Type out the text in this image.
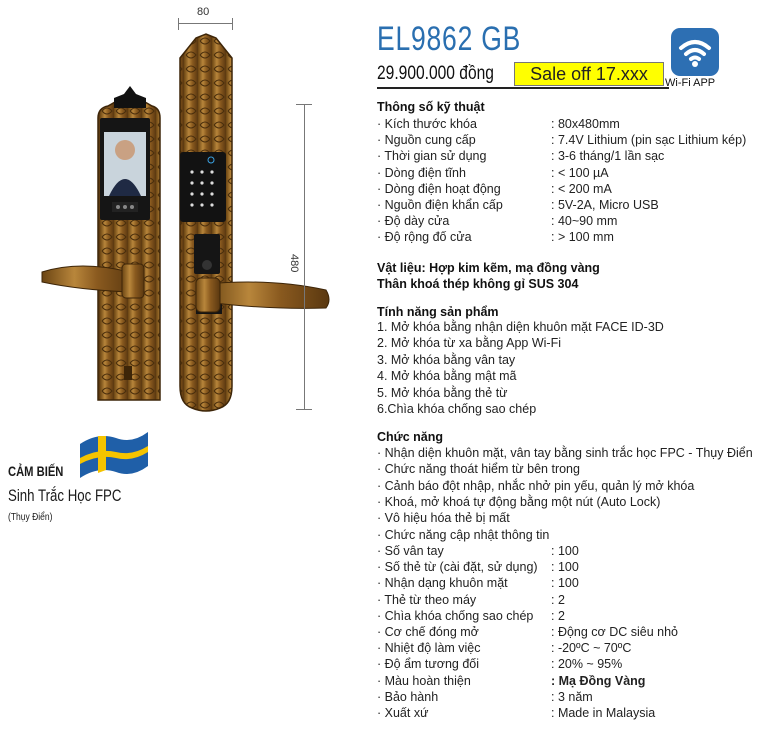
80
480
CẢM BIẾN
Sinh Trắc Học FPC
(Thụy Điển)
EL9862 GB
29.900.000 đồng	Sale off 17.xxx	Wi-Fi APP
Thông số kỹ thuật
· Kích thước khóa	: 80x480mm
· Nguồn cung cấp	: 7.4V Lithium (pin sạc Lithium kép)
· Thời gian sử dụng	: 3-6 tháng/1 lần sạc
· Dòng điện tĩnh	: < 100 µA
· Dòng điện hoạt động	: < 200 mA
· Nguồn điện khẩn cấp	: 5V-2A, Micro USB
· Độ dày cửa	: 40~90 mm
· Độ rộng đố cửa	: > 100 mm
Vật liệu: Hợp kim kẽm, mạ đồng vàng
Thân khoá thép không gỉ SUS 304
Tính năng sản phẩm
1. Mở khóa bằng nhận diện khuôn mặt FACE ID-3D
2. Mở khóa từ xa bằng App Wi-Fi
3. Mở khóa bằng vân tay
4. Mở khóa bằng mật mã
5. Mở khóa bằng thẻ từ
6.Chìa khóa chống sao chép
Chức năng
· Nhận diện khuôn mặt, vân tay bằng sinh trắc học FPC - Thụy Điển
· Chức năng thoát hiểm từ bên trong
· Cảnh báo đột nhập, nhắc nhở pin yếu, quản lý mở khóa
· Khoá, mở khoá tự động bằng một nút (Auto Lock)
· Vô hiệu hóa thẻ bị mất
· Chức năng cập nhật thông tin
· Số vân tay	: 100
· Số thẻ từ (cài đặt, sử dụng) : 100
· Nhận dạng khuôn mặt	: 100
· Thẻ từ theo máy	: 2
· Chìa khóa chống sao chép : 2
· Cơ chế đóng mở	: Động cơ DC siêu nhỏ
· Nhiệt độ làm việc	: -20ºC ~ 70ºC
· Độ ẩm tương đối	: 20% ~ 95%
· Màu hoàn thiện	: Mạ Đồng Vàng
· Bảo hành	: 3 năm
· Xuất xứ	: Made in Malaysia
